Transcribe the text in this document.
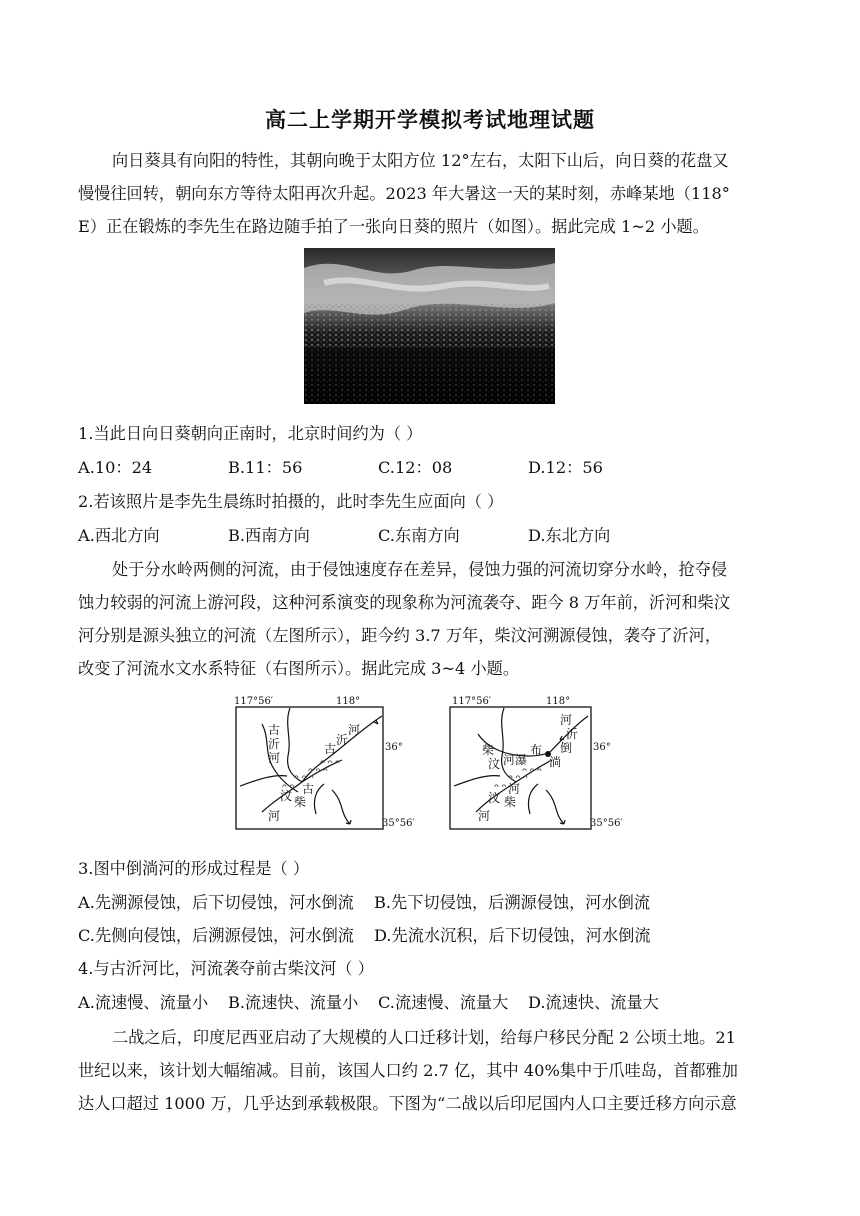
高二上学期开学模拟考试地理试题
向日葵具有向阳的特性，其朝向晚于太阳方位 12°左右，太阳下山后，向日葵的花盘又
慢慢往回转，朝向东方等待太阳再次升起。2023 年大暑这一天的某时刻，赤峰某地（118°
E）正在锻炼的李先生在路边随手拍了一张向日葵的照片（如图）。据此完成 1~2 小题。
1.当此日向日葵朝向正南时，北京时间约为（ ）
A.10：24	B.11：56	C.12：08	D.12：56
2.若该照片是李先生晨练时拍摄的，此时李先生应面向（ ）
A.西北方向	B.西南方向	C.东南方向	D.东北方向
处于分水岭两侧的河流，由于侵蚀速度存在差异，侵蚀力强的河流切穿分水岭，抢夺侵
蚀力较弱的河流上游河段，这种河系演变的现象称为河流袭夺、距今 8 万年前，沂河和柴汶
河分别是源头独立的河流（左图所示），距今约 3.7 万年，柴汶河溯源侵蚀，袭夺了沂河，
改变了河流水文水系特征（右图所示）。据此完成 3~4 小题。
117°56′	118°
36°
35°56′
ᴖ ᴖ ᴖ
ᴖ ᴖ ᴖ
ᴖ ᴖ ᴖ
ᴖ ᴖ
古
沂
河
古
沂
河
古
柴
汶
河
117°56′	118°
36°
35°56′
ᴖ ᴖ ᴖ
ᴖ ᴖ ᴖ
ᴖ ᴖ
柴
汶 河 瀑
布 倒
淌
河
沂
河
柴
汶
河
3.图中倒淌河的形成过程是（ ）
A.先溯源侵蚀，后下切侵蚀，河水倒流 B.先下切侵蚀，后溯源侵蚀，河水倒流
C.先侧向侵蚀，后溯源侵蚀，河水倒流 D.先流水沉积，后下切侵蚀，河水倒流
4.与古沂河比，河流袭夺前古柴汶河（ ）
A.流速慢、流量小 B.流速快、流量小 C.流速慢、流量大 D.流速快、流量大
二战之后，印度尼西亚启动了大规模的人口迁移计划，给每户移民分配 2 公顷土地。21
世纪以来，该计划大幅缩减。目前，该国人口约 2.7 亿，其中 40%集中于爪哇岛，首都雅加
达人口超过 1000 万，几乎达到承载极限。下图为“二战以后印尼国内人口主要迁移方向示意
